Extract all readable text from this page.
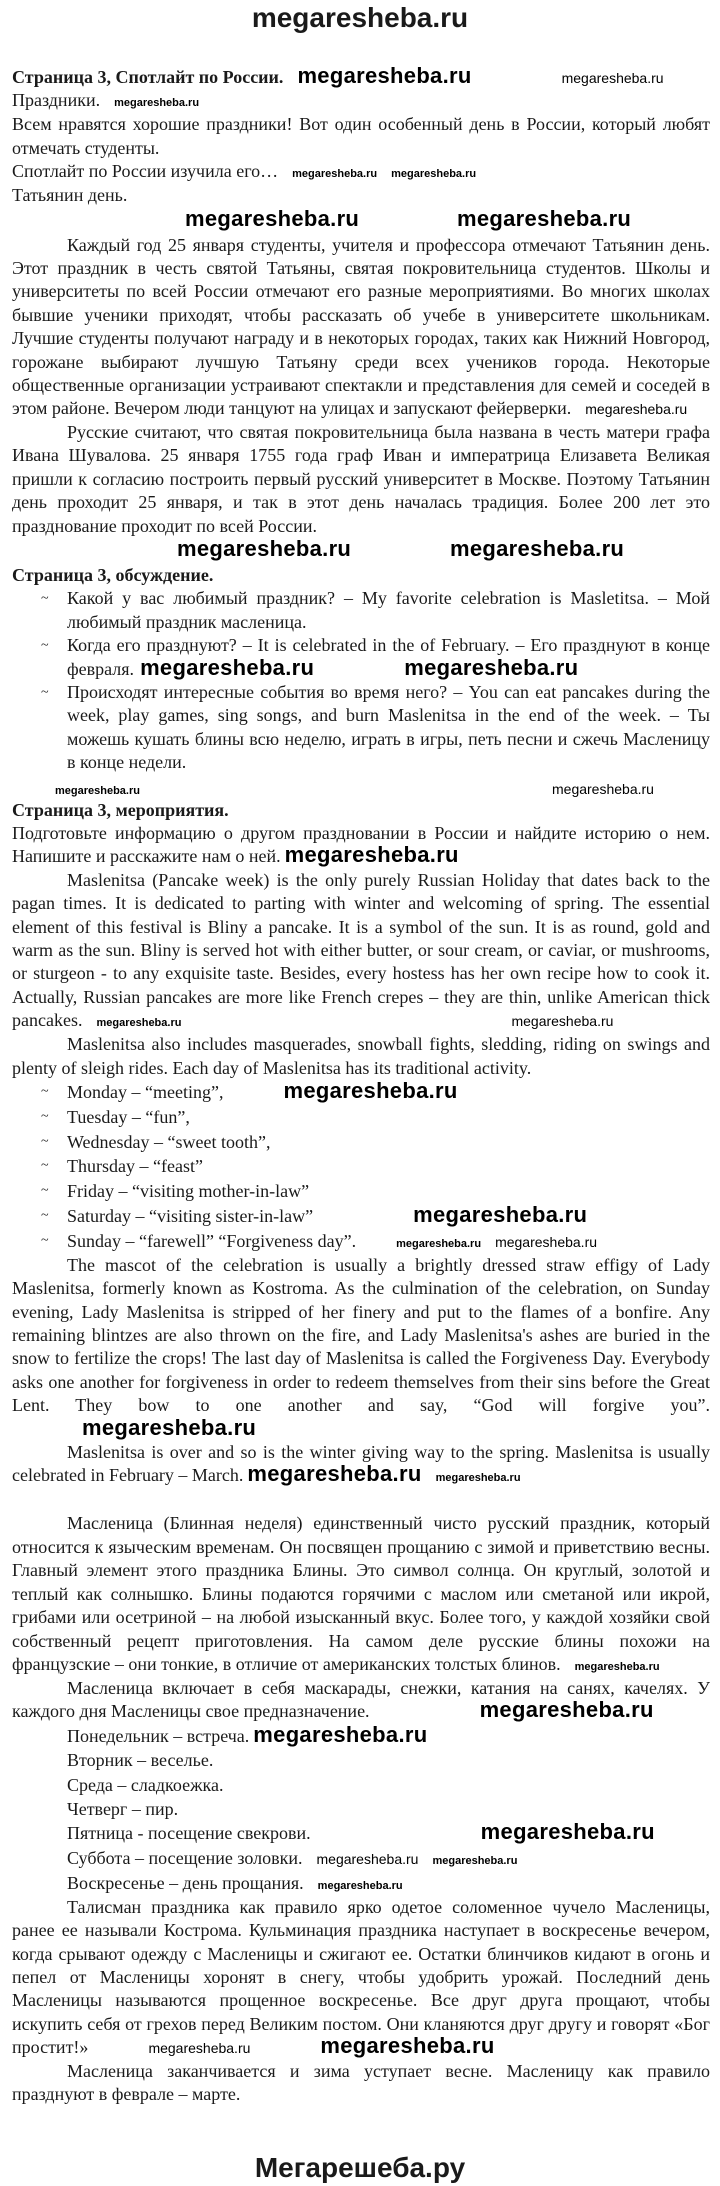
megaresheba.ru
Страница 3, Спотлайт по России. megaresheba.ru	megaresheba.ru

Праздники. megaresheba.ru

Всем нравятся хорошие праздники! Вот один особенный день в России, который любят отмечать студенты.

Спотлайт по России изучила его… megaresheba.ru megaresheba.ru

Татьянин день.

megaresheba.ru	megaresheba.ru

Каждый год 25 января студенты, учителя и профессора отмечают Татьянин день. Этот праздник в честь святой Татьяны, святая покровительница студентов. Школы и университеты по всей России отмечают его разные мероприятиями. Во многих школах бывшие ученики приходят, чтобы рассказать об учебе в университете школьникам. Лучшие студенты получают награду и в некоторых городах, таких как Нижний Новгород, горожане выбирают лучшую Татьяну среди всех учеников города. Некоторые общественные организации устраивают спектакли и представления для семей и соседей в этом районе. Вечером люди танцуют на улицах и запускают фейерверки. megaresheba.ru

Русские считают, что святая покровительница была названа в честь матери графа Ивана Шувалова. 25 января 1755 года граф Иван и императрица Елизавета Великая пришли к согласию построить первый русский университет в Москве. Поэтому Татьянин день проходит 25 января, и так в этот день началась традиция. Более 200 лет это празднование проходит по всей России.

megaresheba.ru	megaresheba.ru
Страница 3, обсуждение.
~ Какой у вас любимый праздник? – My favorite celebration is Masletitsa. – Мой любимый праздник масленица.
~ Когда его празднуют? – It is celebrated in the of February. – Его празднуют в конце февраля. megaresheba.ru	megaresheba.ru
~ Происходят интересные события во время него? – You can eat pancakes during the week, play games, sing songs, and burn Maslenitsa in the end of the week. – Ты можешь кушать блины всю неделю, играть в игры, петь песни и сжечь Масленицу в конце недели.
megaresheba.ru	megaresheba.ru
Страница 3, мероприятия.

Подготовьте информацию о другом праздновании в России и найдите историю о нем. Напишите и расскажите нам о ней. megaresheba.ru

Maslenitsa (Pancake week) is the only purely Russian Holiday that dates back to the pagan times. It is dedicated to parting with winter and welcoming of spring. The essential element of this festival is Bliny a pancake. It is a symbol of the sun. It is as round, gold and warm as the sun. Bliny is served hot with either butter, or sour cream, or caviar, or mushrooms, or sturgeon - to any exquisite taste. Besides, every hostess has her own recipe how to cook it. Actually, Russian pancakes are more like French crepes – they are thin, unlike American thick pancakes. megaresheba.ru	megaresheba.ru

Maslenitsa also includes masquerades, snowball fights, sledding, riding on swings and plenty of sleigh rides. Each day of Maslenitsa has its traditional activity.

~ Monday – “meeting”,	megaresheba.ru
~ Tuesday – “fun”,
~ Wednesday – “sweet tooth”,
~ Thursday – “feast”
~ Friday – “visiting mother-in-law”
~ Saturday – “visiting sister-in-law”	megaresheba.ru
~ Sunday – “farewell” “Forgiveness day”.	megaresheba.ru megaresheba.ru

The mascot of the celebration is usually a brightly dressed straw effigy of Lady Maslenitsa, formerly known as Kostroma. As the culmination of the celebration, on Sunday evening, Lady Maslenitsa is stripped of her finery and put to the flames of a bonfire. Any remaining blintzes are also thrown on the fire, and Lady Maslenitsa's ashes are buried in the snow to fertilize the crops! The last day of Maslenitsa is called the Forgiveness Day. Everybody asks one another for forgiveness in order to redeem themselves from their sins before the Great Lent. They bow to one another and say, “God will forgive you”.megaresheba.ru

Maslenitsa is over and so is the winter giving way to the spring. Maslenitsa is usually celebrated in February – March. megaresheba.ru megaresheba.ru

Масленица (Блинная неделя) единственный чисто русский праздник, который относится к языческим временам. Он посвящен прощанию с зимой и приветствию весны. Главный элемент этого праздника Блины. Это символ солнца. Он круглый, золотой и теплый как солнышко. Блины подаются горячими с маслом или сметаной или икрой, грибами или осетриной – на любой изысканный вкус. Более того, у каждой хозяйки свой собственный рецепт приготовления. На самом деле русские блины похожи на французские – они тонкие, в отличие от американских толстых блинов. megaresheba.ru

Масленица включает в себя маскарады, снежки, катания на санях, качелях. У каждого дня Масленицы свое предназначение.	megaresheba.ru

Понедельник – встреча. megaresheba.ru
Вторник – веселье.
Среда – сладкоежка.
Четверг – пир.
Пятница - посещение свекрови.	megaresheba.ru
Суббота – посещение золовки. megaresheba.ru megaresheba.ru
Воскресенье – день прощания. megaresheba.ru

Талисман праздника как правило ярко одетое соломенное чучело Масленицы, ранее ее называли Кострома. Кульминация праздника наступает в воскресенье вечером, когда срывают одежду с Масленицы и сжигают ее. Остатки блинчиков кидают в огонь и пепел от Масленицы хоронят в снегу, чтобы удобрить урожай. Последний день Масленицы называются прощенное воскресенье. Все друг друга прощают, чтобы искупить себя от грехов перед Великим постом. Они кланяются друг другу и говорят «Бог простит!»	megaresheba.ru	megaresheba.ru

Масленица заканчивается и зима уступает весне. Масленицу как правило празднуют в феврале – марте.

Мегарешеба.ру
